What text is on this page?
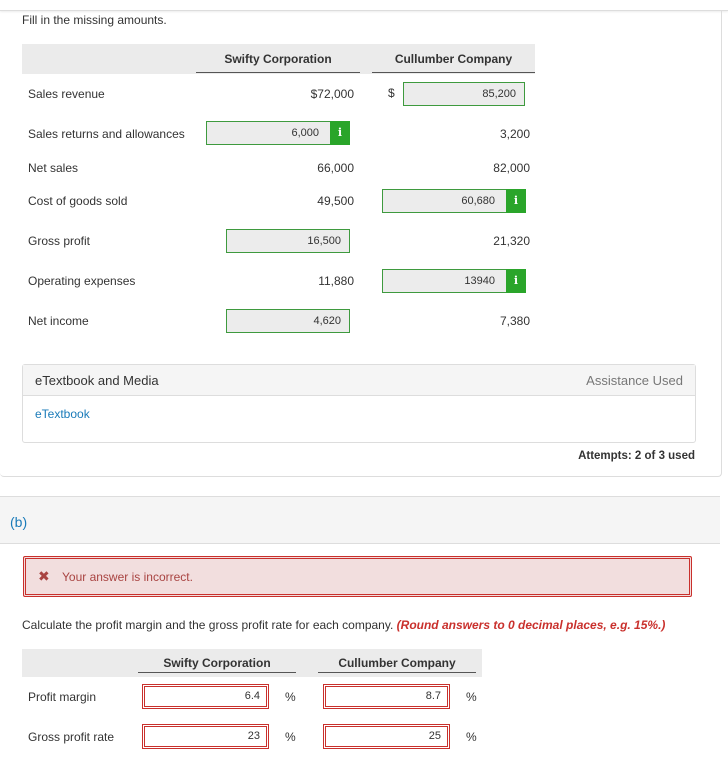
Fill in the missing amounts.
Swifty Corporation	Cullumber Company
Sales revenue	$72,000	$	85,200
Sales returns and allowances	6,000	i	3,200
Net sales	66,000	82,000
Cost of goods sold	49,500	60,680	i
Gross profit	16,500	21,320
Operating expenses	11,880	13940	i
Net income	4,620	7,380
eTextbook and Media	Assistance Used
eTextbook
Attempts: 2 of 3 used
(b)
✖ Your answer is incorrect.
Calculate the profit margin and the gross profit rate for each company. (Round answers to 0 decimal places, e.g. 15%.)
Swifty Corporation	Cullumber Company
Profit margin	6.4	%	8.7	%
Gross profit rate	23	%	25	%
